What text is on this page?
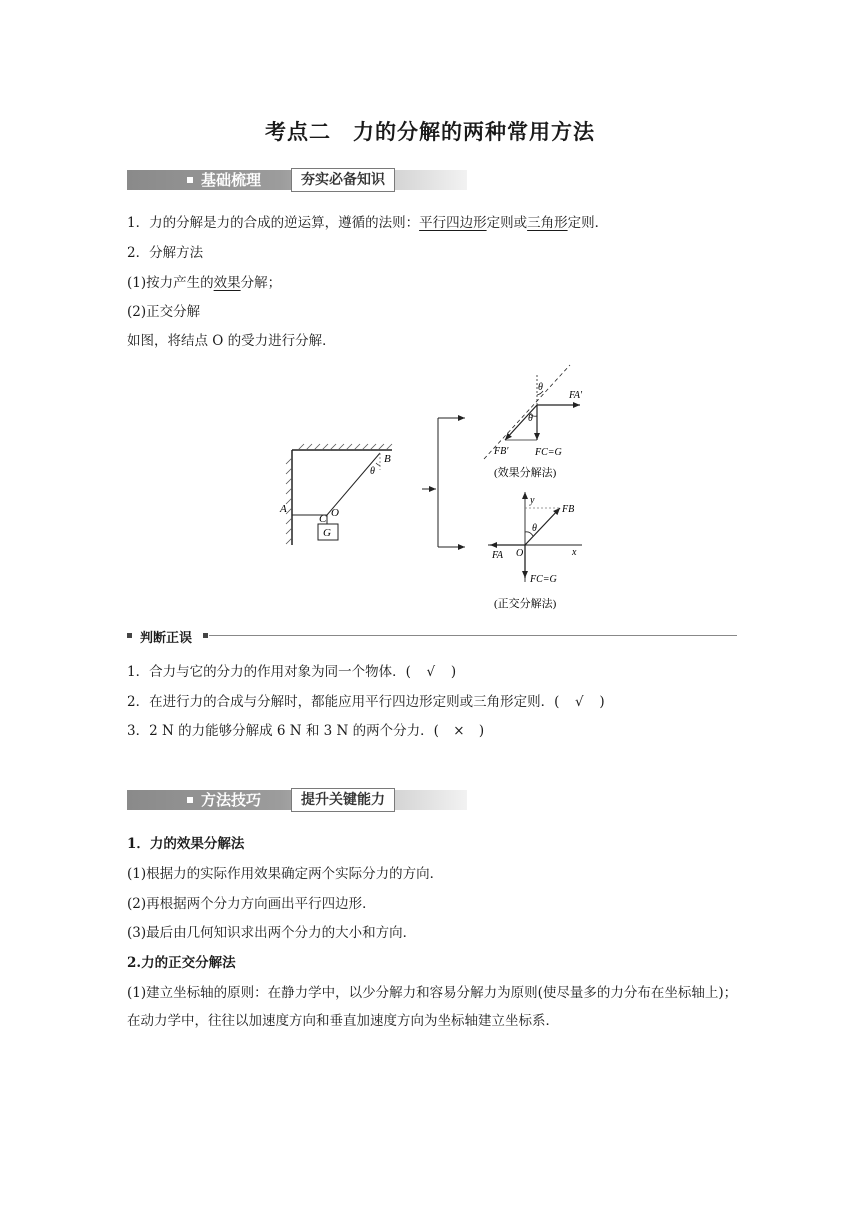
考点二　力的分解的两种常用方法
基础梳理	夯实必备知识
1．力的分解是力的合成的逆运算，遵循的法则：平行四边形定则或三角形定则．
2．分解方法
(1)按力产生的效果分解；
(2)正交分解
如图，将结点 O 的受力进行分解．
A
B
C O
G
θ
θ
θ
FA′
FB′	FC=G
(效果分解法)
y
x
FB
θ
FA O
FC=G
(正交分解法)
判断正误
1．合力与它的分力的作用对象为同一个物体．( √ )
2．在进行力的合成与分解时，都能应用平行四边形定则或三角形定则．( √ )
3．2 N 的力能够分解成 6 N 和 3 N 的两个分力．( × )
方法技巧	提升关键能力
1．力的效果分解法
(1)根据力的实际作用效果确定两个实际分力的方向．
(2)再根据两个分力方向画出平行四边形．
(3)最后由几何知识求出两个分力的大小和方向．
2.力的正交分解法
(1)建立坐标轴的原则：在静力学中，以少分解力和容易分解力为原则(使尽量多的力分布在坐标轴上)；在动力学中，往往以加速度方向和垂直加速度方向为坐标轴建立坐标系．
